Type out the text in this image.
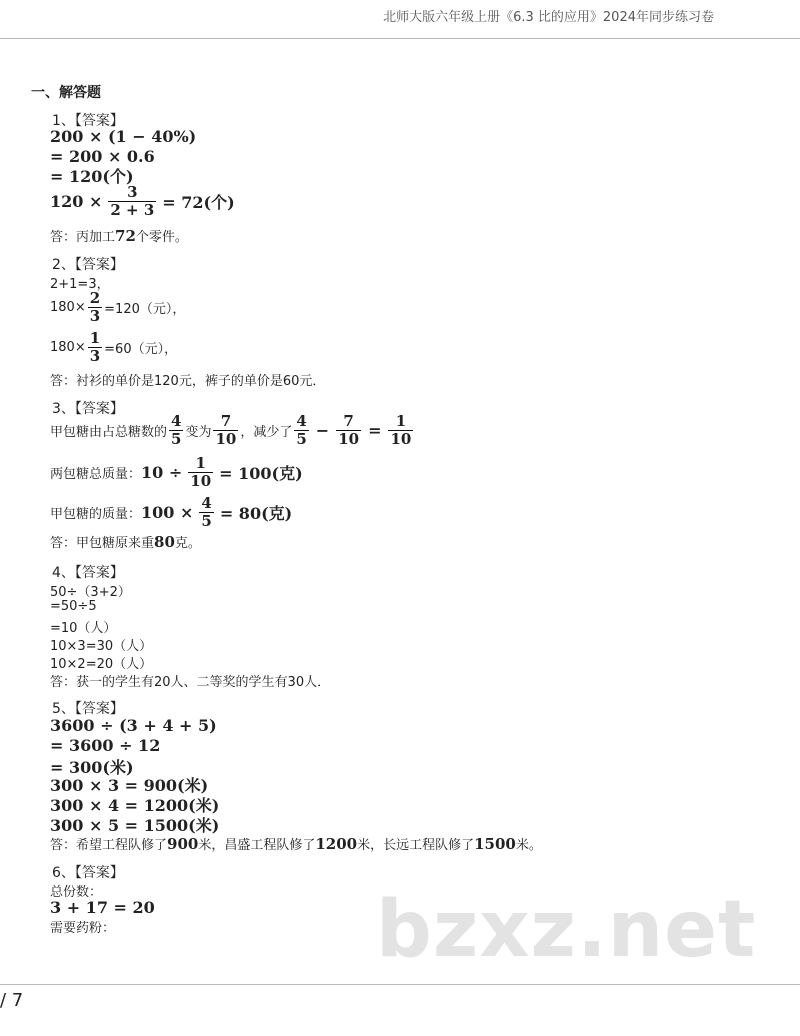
北师大版六年级上册《6.3 比的应用》2024年同步练习卷
一、解答题
1、【答案】
200 × (1 − 40%)
= 200 × 0.6
= 120(个)
$120 \times \frac{3}{2 + 3} = 72$(个)
答：丙加工72个零件。
2、【答案】
2+1=3，
$180\times \frac{2}{3} =120$（元），
$180\times \frac{1}{3} =60$（元），
答：衬衫的单价是120元，裤子的单价是60元．
3、【答案】
甲包糖由占总糖数的 $\frac{4}{5}$ 变为 $\frac{7}{10}$ ，减少了 $\frac{4}{5} - \frac{7}{10} = \frac{1}{10}$
两包糖总质量： $10 \div \frac{1}{10} = 100$(克)
甲包糖的质量： $100 \times \frac{4}{5} = 80$(克)
答：甲包糖原来重80克。
4、【答案】
50÷（3+2）
=50÷5
=10（人）
10×3=30（人）
10×2=20（人）
答：获一的学生有20人、二等奖的学生有30人．
5、【答案】
3600 ÷ (3 + 4 + 5)
= 3600 ÷ 12
= 300(米)
300 × 3 = 900(米)
300 × 4 = 1200(米)
300 × 5 = 1500(米)
答：希望工程队修了900米，昌盛工程队修了1200米，长远工程队修了1500米。
6、【答案】
总份数：
3 + 17 = 20
需要药粉：	bzxz.net
/ 7
